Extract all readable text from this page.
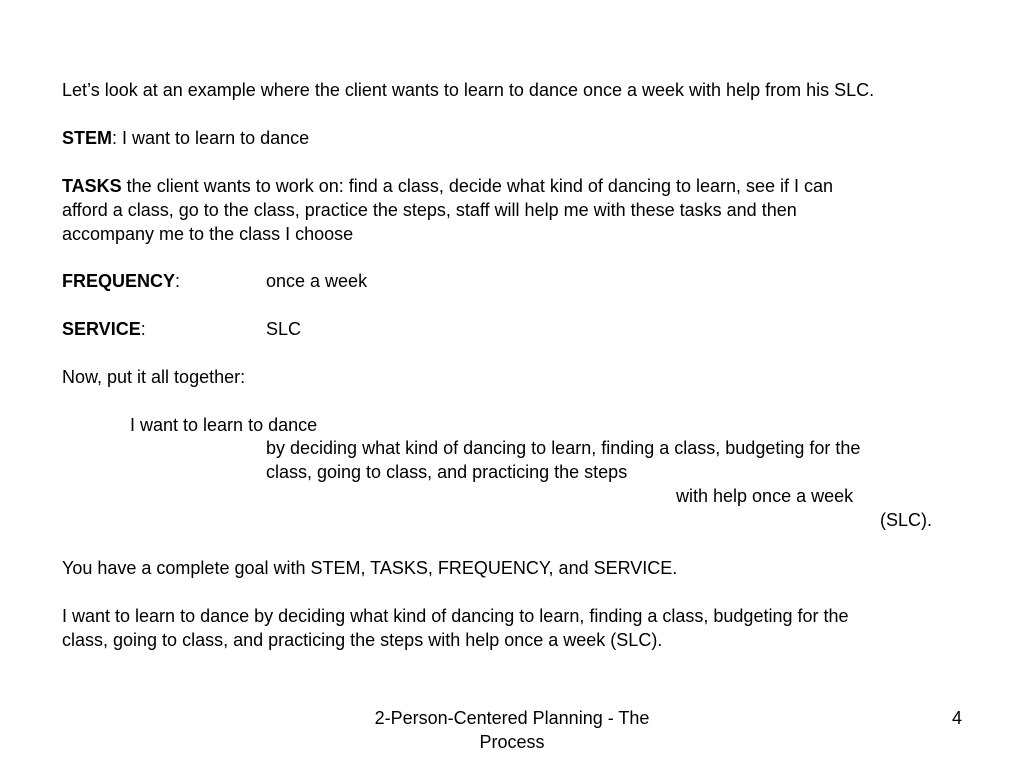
Let’s look at an example where the client wants to learn to dance once a week with help from his SLC.
STEM: I want to learn to dance
TASKS the client wants to work on: find a class, decide what kind of dancing to learn, see if I can
afford a class, go to the class, practice the steps, staff will help me with these tasks and then
accompany me to the class I choose
FREQUENCY:	once a week
SERVICE:	SLC
Now, put it all together:
I want to learn to dance
by deciding what kind of dancing to learn, finding a class, budgeting for the
class, going to class, and practicing the steps
with help once a week
(SLC).
You have a complete goal with STEM, TASKS, FREQUENCY, and SERVICE.
I want to learn to dance by deciding what kind of dancing to learn, finding a class, budgeting for the
class, going to class, and practicing the steps with help once a week (SLC).
2-Person-Centered Planning - The
Process
4
